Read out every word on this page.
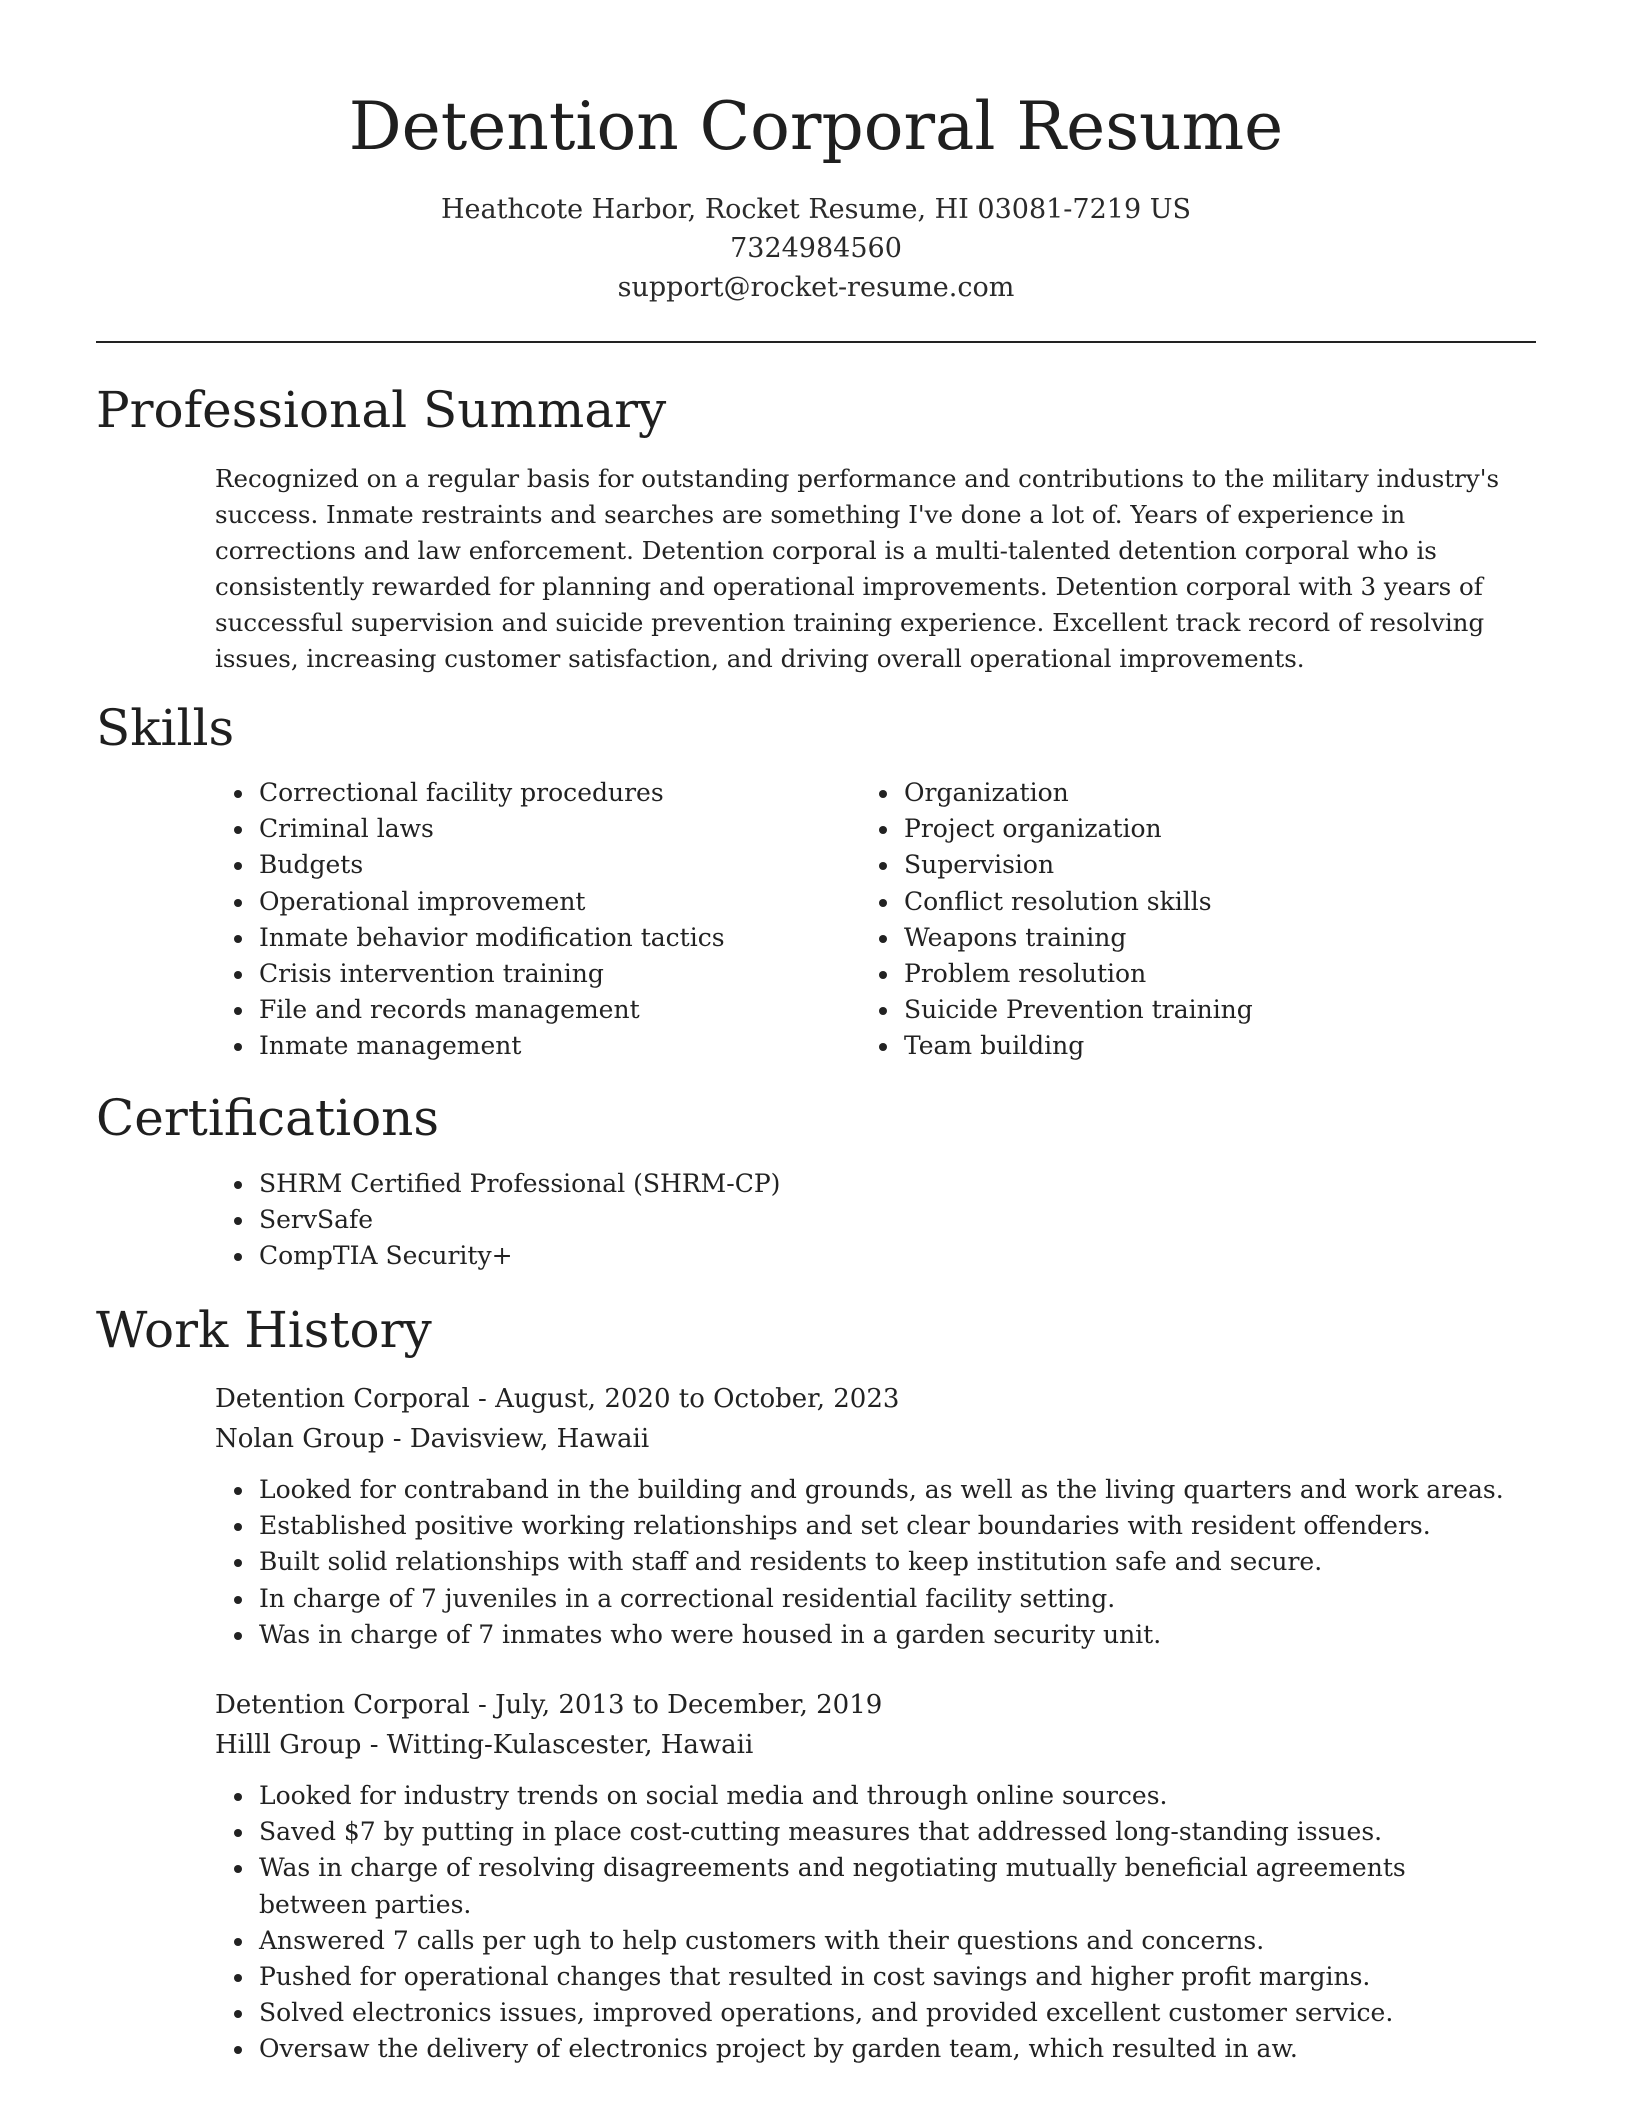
Detention Corporal Resume
Heathcote Harbor, Rocket Resume, HI 03081-7219 US
7324984560
support@rocket-resume.com
Professional Summary

Recognized on a regular basis for outstanding performance and contributions to the military industry's success. Inmate restraints and searches are something I've done a lot of. Years of experience in corrections and law enforcement. Detention corporal is a multi-talented detention corporal who is consistently rewarded for planning and operational improvements. Detention corporal with 3 years of successful supervision and suicide prevention training experience. Excellent track record of resolving issues, increasing customer satisfaction, and driving overall operational improvements.

Skills
Correctional facility procedures
Criminal laws
Budgets
Operational improvement
Inmate behavior modification tactics
Crisis intervention training
File and records management
Inmate management
Organization
Project organization
Supervision
Conflict resolution skills
Weapons training
Problem resolution
Suicide Prevention training
Team building
Certifications
SHRM Certified Professional (SHRM-CP)
ServSafe
CompTIA Security+
Work History
Detention Corporal - August, 2020 to October, 2023
Nolan Group - Davisview, Hawaii
Looked for contraband in the building and grounds, as well as the living quarters and work areas.
Established positive working relationships and set clear boundaries with resident offenders.
Built solid relationships with staff and residents to keep institution safe and secure.
In charge of 7 juveniles in a correctional residential facility setting.
Was in charge of 7 inmates who were housed in a garden security unit.
Detention Corporal - July, 2013 to December, 2019
Hilll Group - Witting-Kulascester, Hawaii
Looked for industry trends on social media and through online sources.
Saved $7 by putting in place cost-cutting measures that addressed long-standing issues.
Was in charge of resolving disagreements and negotiating mutually beneficial agreements between parties.
Answered 7 calls per ugh to help customers with their questions and concerns.
Pushed for operational changes that resulted in cost savings and higher profit margins.
Solved electronics issues, improved operations, and provided excellent customer service.
Oversaw the delivery of electronics project by garden team, which resulted in aw.
